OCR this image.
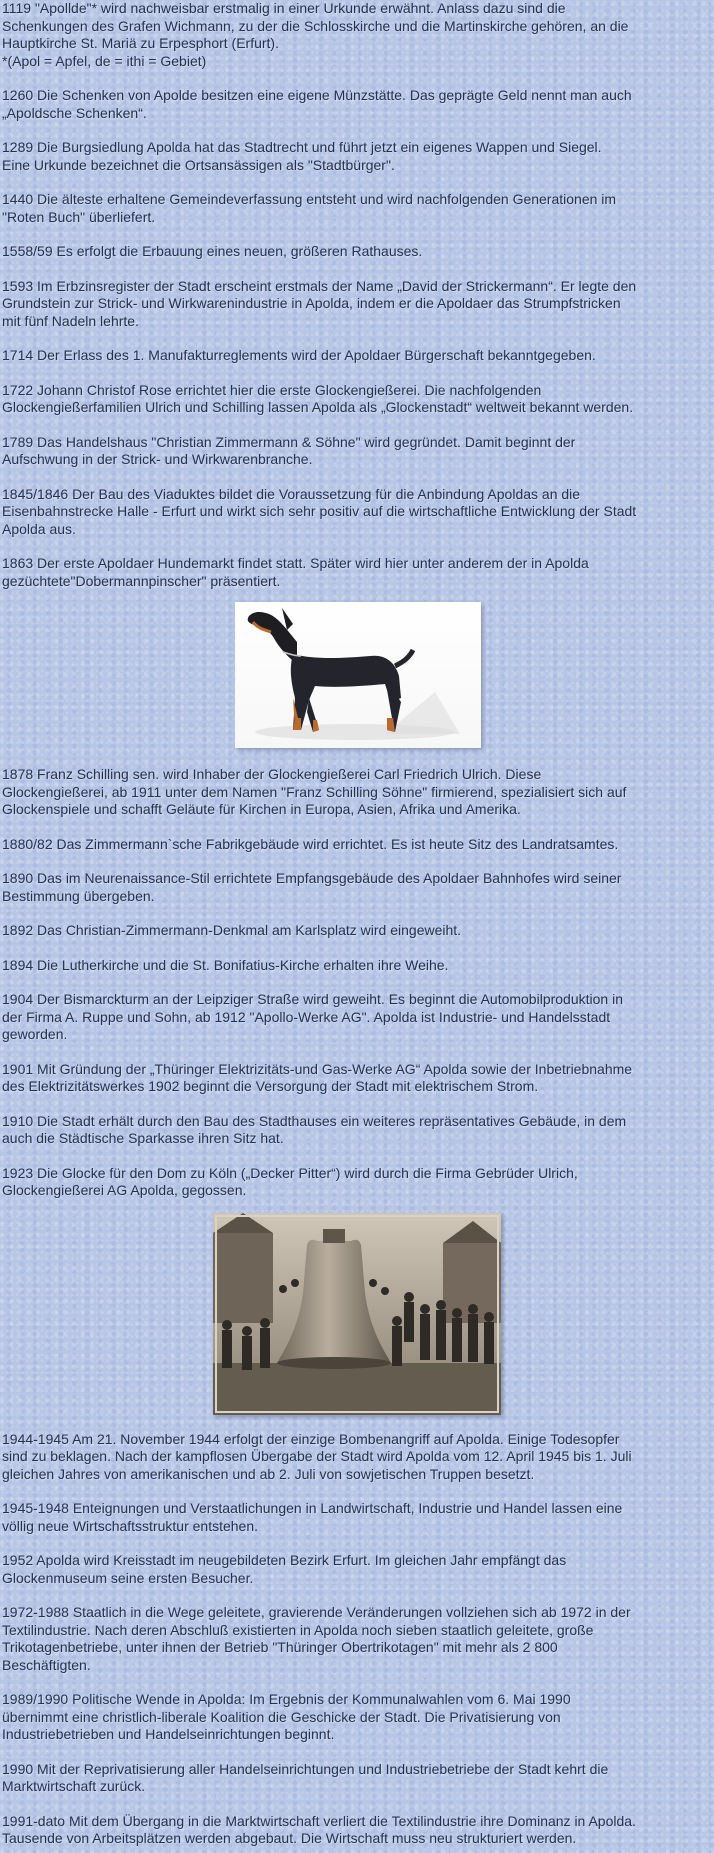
1119 "Apollde"* wird nachweisbar erstmalig in einer Urkunde erwähnt. Anlass dazu sind die
Schenkungen des Grafen Wichmann, zu der die Schlosskirche und die Martinskirche gehören, an die
Hauptkirche St. Mariä zu Erpesphort (Erfurt).
*(Apol = Apfel, de = ithi = Gebiet)

1260 Die Schenken von Apolde besitzen eine eigene Münzstätte. Das geprägte Geld nennt man auch
„Apoldsche Schenken“.

1289 Die Burgsiedlung Apolda hat das Stadtrecht und führt jetzt ein eigenes Wappen und Siegel.
Eine Urkunde bezeichnet die Ortsansässigen als "Stadtbürger".

1440 Die älteste erhaltene Gemeindeverfassung entsteht und wird nachfolgenden Generationen im
"Roten Buch" überliefert.

1558/59 Es erfolgt die Erbauung eines neuen, größeren Rathauses.

1593 Im Erbzinsregister der Stadt erscheint erstmals der Name „David der Strickermann“. Er legte den
Grundstein zur Strick- und Wirkwarenindustrie in Apolda, indem er die Apoldaer das Strumpfstricken
mit fünf Nadeln lehrte.

1714 Der Erlass des 1. Manufakturreglements wird der Apoldaer Bürgerschaft bekanntgegeben.

1722 Johann Christof Rose errichtet hier die erste Glockengießerei. Die nachfolgenden
Glockengießerfamilien Ulrich und Schilling lassen Apolda als „Glockenstadt“ weltweit bekannt werden.

1789 Das Handelshaus "Christian Zimmermann & Söhne" wird gegründet. Damit beginnt der
Aufschwung in der Strick- und Wirkwarenbranche.

1845/1846 Der Bau des Viaduktes bildet die Voraussetzung für die Anbindung Apoldas an die
Eisenbahnstrecke Halle - Erfurt und wirkt sich sehr positiv auf die wirtschaftliche Entwicklung der Stadt
Apolda aus.

1863 Der erste Apoldaer Hundemarkt findet statt. Später wird hier unter anderem der in Apolda
gezüchtete"Dobermannpinscher" präsentiert.

1878 Franz Schilling sen. wird Inhaber der Glockengießerei Carl Friedrich Ulrich. Diese
Glockengießerei, ab 1911 unter dem Namen "Franz Schilling Söhne" firmierend, spezialisiert sich auf
Glockenspiele und schafft Geläute für Kirchen in Europa, Asien, Afrika und Amerika.

1880/82 Das Zimmermann`sche Fabrikgebäude wird errichtet. Es ist heute Sitz des Landratsamtes.

1890 Das im Neurenaissance-Stil errichtete Empfangsgebäude des Apoldaer Bahnhofes wird seiner
Bestimmung übergeben.

1892 Das Christian-Zimmermann-Denkmal am Karlsplatz wird eingeweiht.

1894 Die Lutherkirche und die St. Bonifatius-Kirche erhalten ihre Weihe.

1904 Der Bismarckturm an der Leipziger Straße wird geweiht. Es beginnt die Automobilproduktion in
der Firma A. Ruppe und Sohn, ab 1912 "Apollo-Werke AG". Apolda ist Industrie- und Handelsstadt
geworden.

1901 Mit Gründung der „Thüringer Elektrizitäts-und Gas-Werke AG“ Apolda sowie der Inbetriebnahme
des Elektrizitätswerkes 1902 beginnt die Versorgung der Stadt mit elektrischem Strom.

1910 Die Stadt erhält durch den Bau des Stadthauses ein weiteres repräsentatives Gebäude, in dem
auch die Städtische Sparkasse ihren Sitz hat.

1923 Die Glocke für den Dom zu Köln („Decker Pitter“) wird durch die Firma Gebrüder Ulrich,
Glockengießerei AG Apolda, gegossen.

1944-1945 Am 21. November 1944 erfolgt der einzige Bombenangriff auf Apolda. Einige Todesopfer
sind zu beklagen. Nach der kampflosen Übergabe der Stadt wird Apolda vom 12. April 1945 bis 1. Juli
gleichen Jahres von amerikanischen und ab 2. Juli von sowjetischen Truppen besetzt.

1945-1948 Enteignungen und Verstaatlichungen in Landwirtschaft, Industrie und Handel lassen eine
völlig neue Wirtschaftsstruktur entstehen.

1952 Apolda wird Kreisstadt im neugebildeten Bezirk Erfurt. Im gleichen Jahr empfängt das
Glockenmuseum seine ersten Besucher.

1972-1988 Staatlich in die Wege geleitete, gravierende Veränderungen vollziehen sich ab 1972 in der
Textilindustrie. Nach deren Abschluß existierten in Apolda noch sieben staatlich geleitete, große
Trikotagenbetriebe, unter ihnen der Betrieb "Thüringer Obertrikotagen" mit mehr als 2 800
Beschäftigten.

1989/1990 Politische Wende in Apolda: Im Ergebnis der Kommunalwahlen vom 6. Mai 1990
übernimmt eine christlich-liberale Koalition die Geschicke der Stadt. Die Privatisierung von
Industriebetrieben und Handelseinrichtungen beginnt.

1990 Mit der Reprivatisierung aller Handelseinrichtungen und Industriebetriebe der Stadt kehrt die
Marktwirtschaft zurück.

1991-dato Mit dem Übergang in die Marktwirtschaft verliert die Textilindustrie ihre Dominanz in Apolda.
Tausende von Arbeitsplätzen werden abgebaut. Die Wirtschaft muss neu strukturiert werden.
